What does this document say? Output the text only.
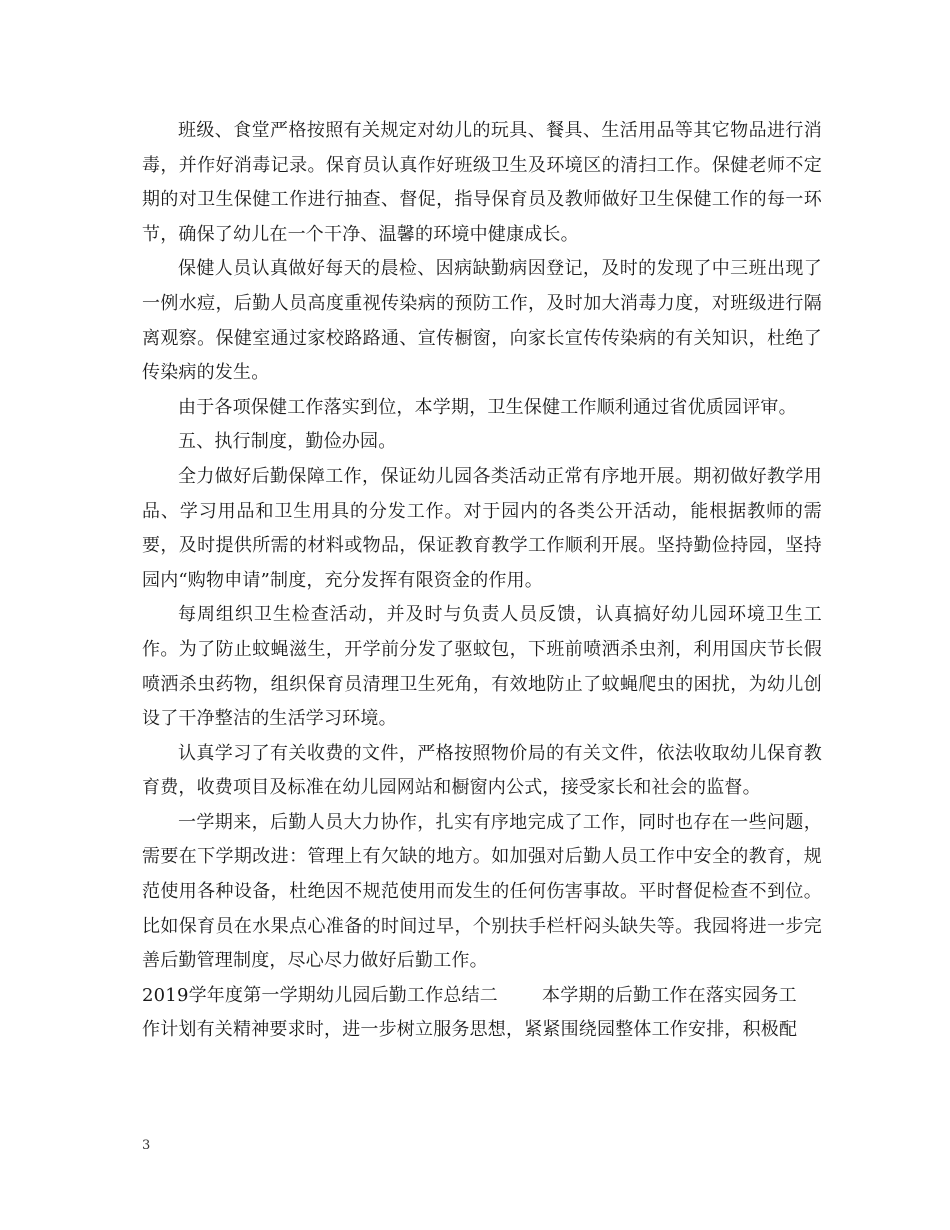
班级、食堂严格按照有关规定对幼儿的玩具、餐具、生活用品等其它物品进行消毒，并作好消毒记录。保育员认真作好班级卫生及环境区的清扫工作。保健老师不定期的对卫生保健工作进行抽查、督促，指导保育员及教师做好卫生保健工作的每一环节，确保了幼儿在一个干净、温馨的环境中健康成长。

保健人员认真做好每天的晨检、因病缺勤病因登记，及时的发现了中三班出现了一例水痘，后勤人员高度重视传染病的预防工作，及时加大消毒力度，对班级进行隔离观察。保健室通过家校路路通、宣传橱窗，向家长宣传传染病的有关知识，杜绝了传染病的发生。

由于各项保健工作落实到位，本学期，卫生保健工作顺利通过省优质园评审。

五、执行制度，勤俭办园。

全力做好后勤保障工作，保证幼儿园各类活动正常有序地开展。期初做好教学用品、学习用品和卫生用具的分发工作。对于园内的各类公开活动，能根据教师的需要，及时提供所需的材料或物品，保证教育教学工作顺利开展。坚持勤俭持园，坚持园内“购物申请”制度，充分发挥有限资金的作用。

每周组织卫生检查活动，并及时与负责人员反馈，认真搞好幼儿园环境卫生工作。为了防止蚊蝇滋生，开学前分发了驱蚊包，下班前喷洒杀虫剂，利用国庆节长假喷洒杀虫药物，组织保育员清理卫生死角，有效地防止了蚊蝇爬虫的困扰，为幼儿创设了干净整洁的生活学习环境。

认真学习了有关收费的文件，严格按照物价局的有关文件，依法收取幼儿保育教育费，收费项目及标准在幼儿园网站和橱窗内公式，接受家长和社会的监督。

一学期来，后勤人员大力协作，扎实有序地完成了工作，同时也存在一些问题，需要在下学期改进：管理上有欠缺的地方。如加强对后勤人员工作中安全的教育，规范使用各种设备，杜绝因不规范使用而发生的任何伤害事故。平时督促检查不到位。比如保育员在水果点心准备的时间过早，个别扶手栏杆闷头缺失等。我园将进一步完善后勤管理制度，尽心尽力做好后勤工作。

2019学年度第一学期幼儿园后勤工作总结二 本学期的后勤工作在落实园务工

作计划有关精神要求时，进一步树立服务思想，紧紧围绕园整体工作安排，积极配

3
